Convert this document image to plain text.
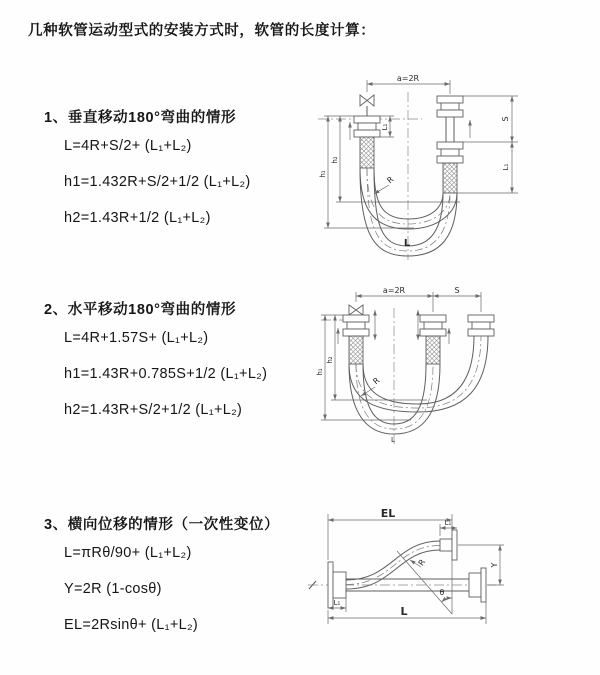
几种软管运动型式的安装方式时，软管的长度计算：
1、垂直移动180°弯曲的情形
L=4R+S/2+ (L₁+L₂)
h1=1.432R+S/2+1/2 (L₁+L₂)
h2=1.43R+1/2 (L₁+L₂)
2、水平移动180°弯曲的情形
L=4R+1.57S+ (L₁+L₂)
h1=1.43R+0.785S+1/2 (L₁+L₂)
h2=1.43R+S/2+1/2 (L₁+L₂)
3、横向位移的情形（一次性变位）
L=πRθ/90+ (L₁+L₂)
Y=2R (1-cosθ)
EL=2Rsinθ+ (L₁+L₂)
a=2R
L₁
S
L₁
h₂
h₁
R
L
a=2R	S
h₂
h₁
R
L
EL
L₁
Y
L
L₁
θ
R
